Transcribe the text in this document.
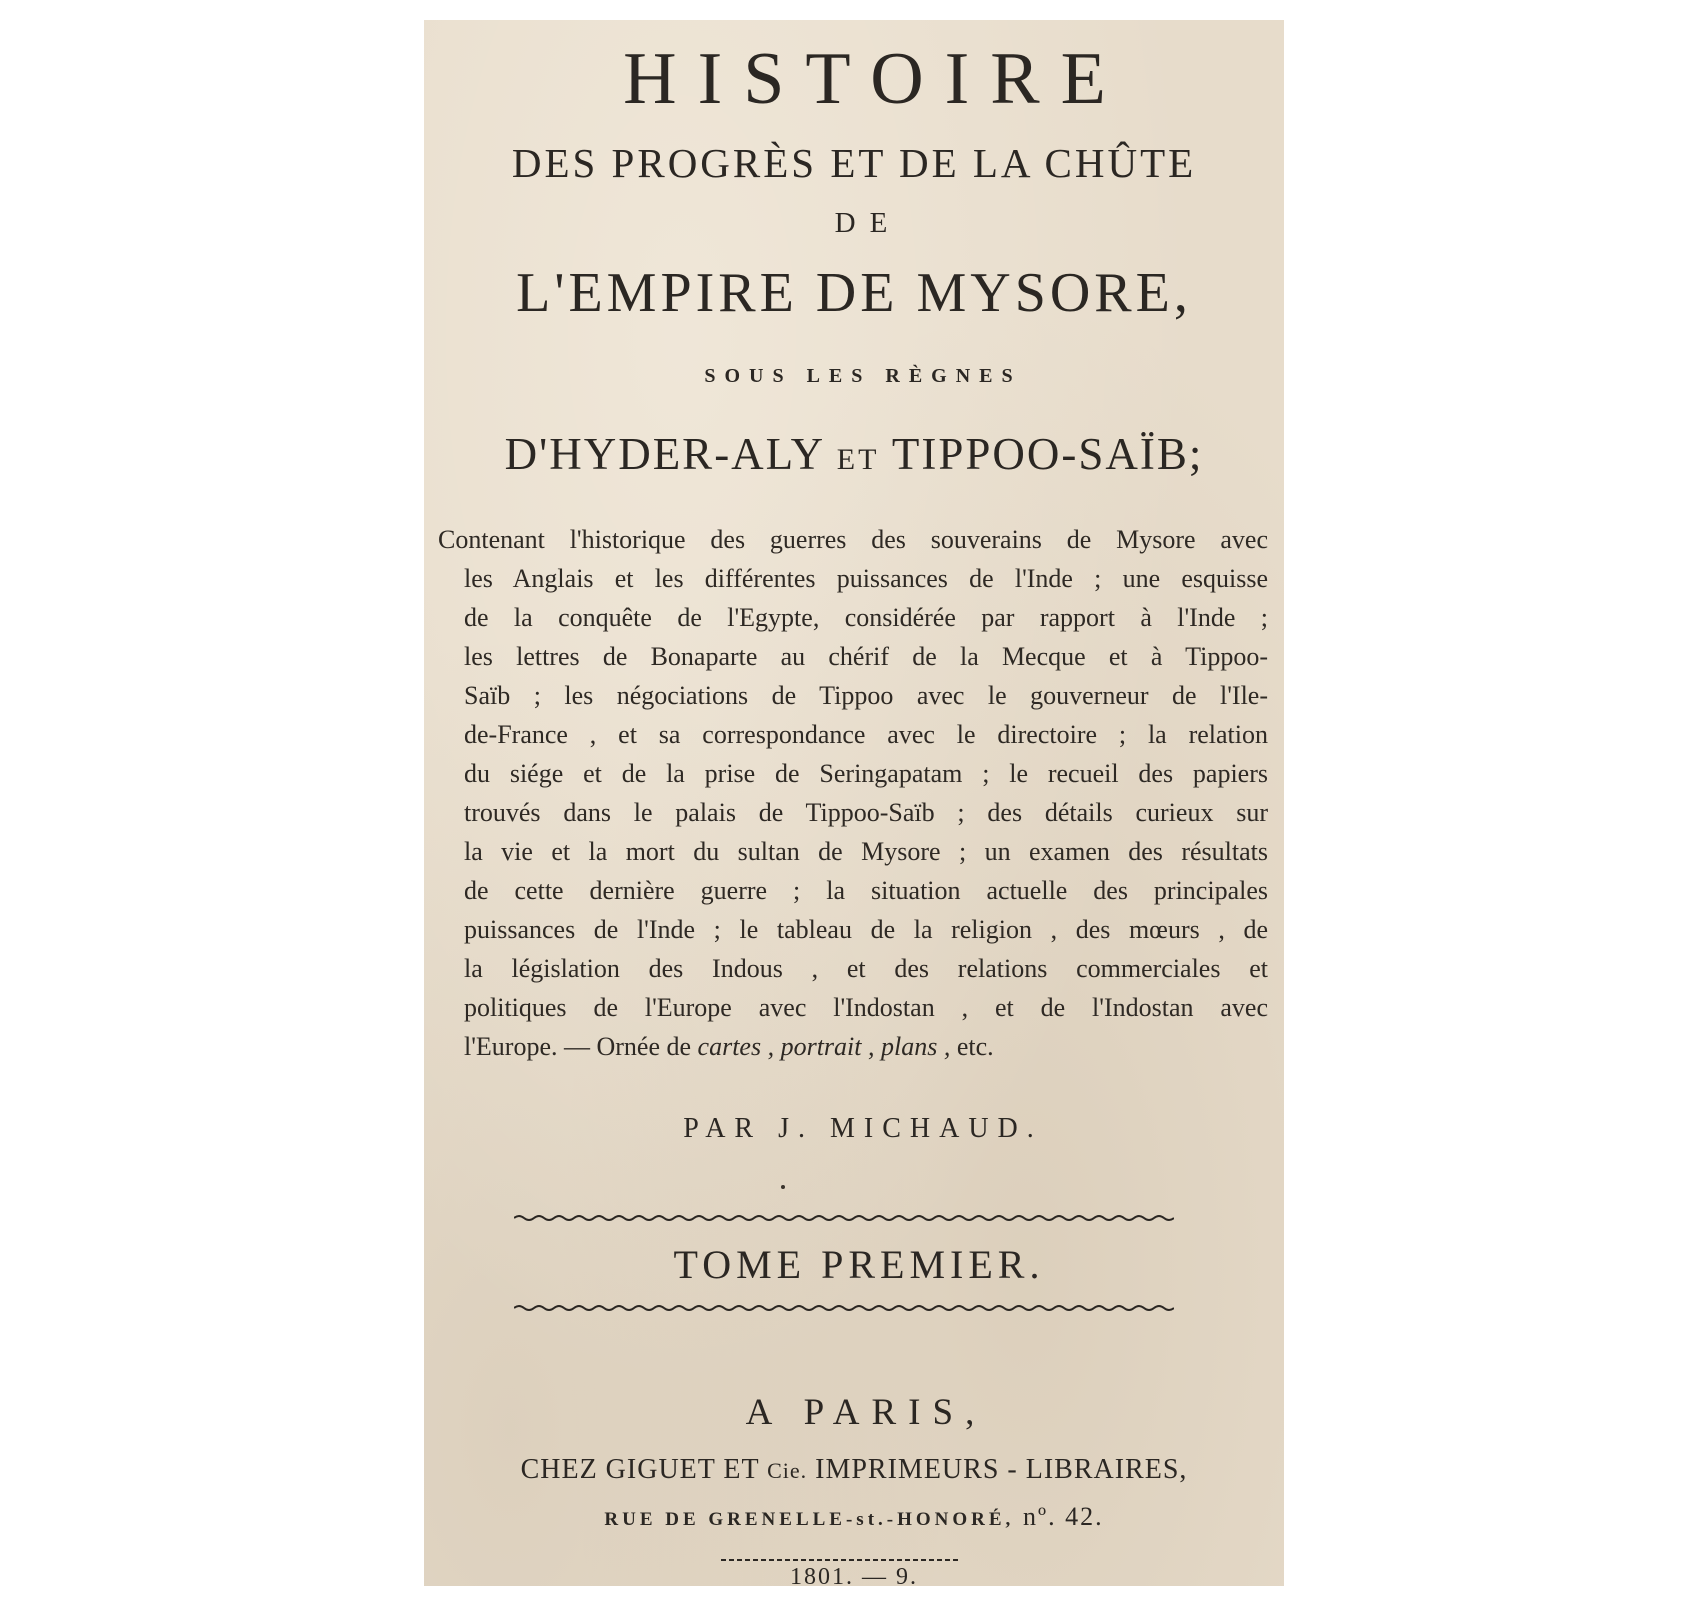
HISTOIRE
DES PROGRÈS ET DE LA CHÛTE
DE
L'EMPIRE DE MYSORE,
SOUS LES RÈGNES
D'HYDER-ALY ET TIPPOO-SAÏB;
Contenant l'historique des guerres des souverains de Mysore avec
les Anglais et les différentes puissances de l'Inde ; une esquisse
de la conquête de l'Egypte, considérée par rapport à l'Inde ;
les lettres de Bonaparte au chérif de la Mecque et à Tippoo-
Saïb ; les négociations de Tippoo avec le gouverneur de l'Ile-
de-France , et sa correspondance avec le directoire ; la relation
du siége et de la prise de Seringapatam ; le recueil des papiers
trouvés dans le palais de Tippoo-Saïb ; des détails curieux sur
la vie et la mort du sultan de Mysore ; un examen des résultats
de cette dernière guerre ; la situation actuelle des principales
puissances de l'Inde ; le tableau de la religion , des mœurs , de
la législation des Indous , et des relations commerciales et
politiques de l'Europe avec l'Indostan , et de l'Indostan avec
l'Europe. — Ornée de cartes , portrait , plans , etc.
PAR J. MICHAUD.
TOME PREMIER.
A PARIS,
CHEZ GIGUET ET Cie. IMPRIMEURS - LIBRAIRES,
RUE DE GRENELLE-st.-HONORÉ, nº. 42.
1801. — 9.
